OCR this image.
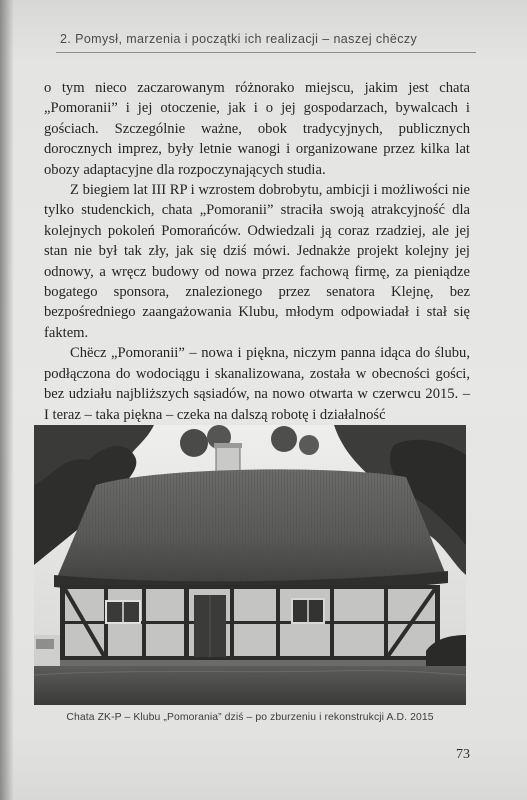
2. Pomysł, marzenia i początki ich realizacji – naszej chëczy

o tym nieco zaczarowanym różnorako miejscu, jakim jest chata „Pomoranii” i jej otoczenie, jak i o jej gospodarzach, bywalcach i gościach. Szczególnie ważne, obok tradycyjnych, publicznych dorocznych imprez, były letnie wanogi i organizowane przez kilka lat obozy adaptacyjne dla rozpoczynających studia.

Z biegiem lat III RP i wzrostem dobrobytu, ambicji i możliwości nie tylko studenckich, chata „Pomoranii” straciła swoją atrakcyjność dla kolejnych pokoleń Pomorańców. Odwiedzali ją coraz rzadziej, ale jej stan nie był tak zły, jak się dziś mówi. Jednakże projekt kolejny jej odnowy, a wręcz budowy od nowa przez fachową firmę, za pieniądze bogatego sponsora, znalezionego przez senatora Klejnę, bez bezpośredniego zaangażowania Klubu, młodym odpowiadał i stał się faktem.

Chëcz „Pomoranii” – nowa i piękna, niczym panna idąca do ślubu, podłączona do wodociągu i skanalizowana, została w obecności gości, bez udziału najbliższych sąsiadów, na nowo otwarta w czerwcu 2015. – I teraz – taka piękna – czeka na dalszą robotę i działalność

Chata ZK-P – Klubu „Pomorania” dziś – po zburzeniu i rekonstrukcji A.D. 2015
73
